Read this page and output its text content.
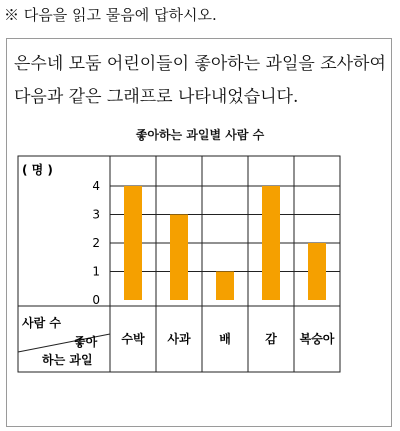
※ 다음을 읽고 물음에 답하시오.
은수네 모둠 어린이들이 좋아하는 과일을 조사하여 다음과 같은 그래프로 나타내었습니다.
좋아하는 과일별 사람 수
0
1
2
3
4
수박 사과 배	감 복숭아
( 명 )
사람 수
좋아
하는 과일
